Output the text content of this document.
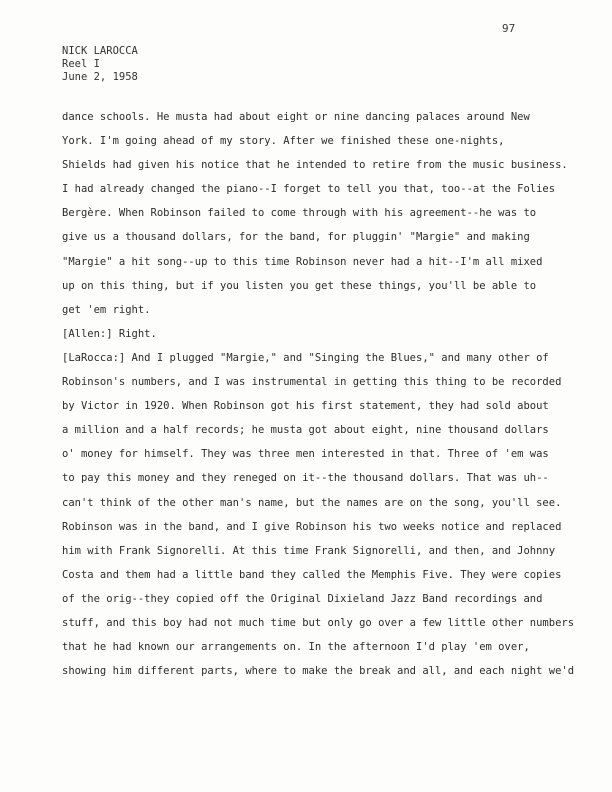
97
NICK LAROCCA
Reel I
June 2, 1958
dance schools. He musta had about eight or nine dancing palaces around New
York. I'm going ahead of my story. After we finished these one-nights,
Shields had given his notice that he intended to retire from the music business.
I had already changed the piano--I forget to tell you that, too--at the Folies
Bergère. When Robinson failed to come through with his agreement--he was to
give us a thousand dollars, for the band, for pluggin' "Margie" and making
"Margie" a hit song--up to this time Robinson never had a hit--I'm all mixed
up on this thing, but if you listen you get these things, you'll be able to
get 'em right.
[Allen:] Right.
[LaRocca:] And I plugged "Margie," and "Singing the Blues," and many other of
Robinson's numbers, and I was instrumental in getting this thing to be recorded
by Victor in 1920. When Robinson got his first statement, they had sold about
a million and a half records; he musta got about eight, nine thousand dollars
o' money for himself. They was three men interested in that. Three of 'em was
to pay this money and they reneged on it--the thousand dollars. That was uh--
can't think of the other man's name, but the names are on the song, you'll see.
Robinson was in the band, and I give Robinson his two weeks notice and replaced
him with Frank Signorelli. At this time Frank Signorelli, and then, and Johnny
Costa and them had a little band they called the Memphis Five. They were copies
of the orig--they copied off the Original Dixieland Jazz Band recordings and
stuff, and this boy had not much time but only go over a few little other numbers
that he had known our arrangements on. In the afternoon I'd play 'em over,
showing him different parts, where to make the break and all, and each night we'd
